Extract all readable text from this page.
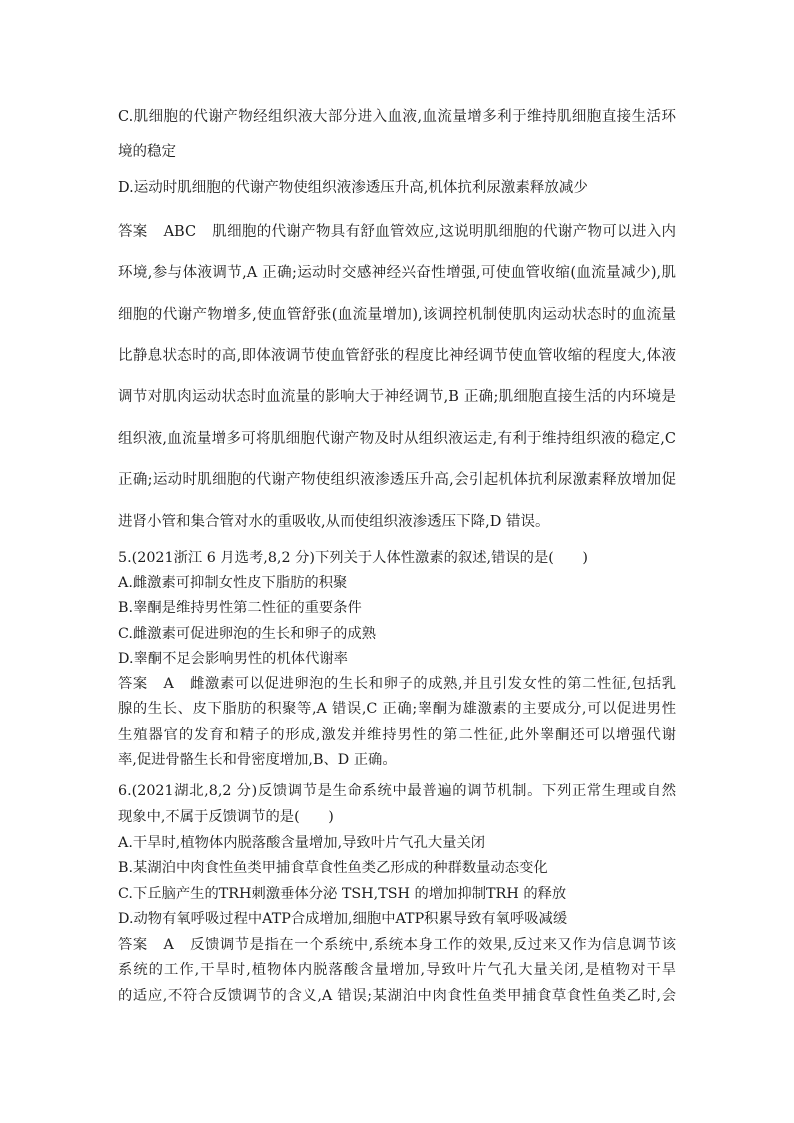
C.肌细胞的代谢产物经组织液大部分进入血液,血流量增多利于维持肌细胞直接生活环
境的稳定
D.运动时肌细胞的代谢产物使组织液渗透压升高,机体抗利尿激素释放减少
答案 ABC 肌细胞的代谢产物具有舒血管效应,这说明肌细胞的代谢产物可以进入内
环境,参与体液调节,A 正确;运动时交感神经兴奋性增强,可使血管收缩(血流量减少),肌
细胞的代谢产物增多,使血管舒张(血流量增加),该调控机制使肌肉运动状态时的血流量
比静息状态时的高,即体液调节使血管舒张的程度比神经调节使血管收缩的程度大,体液
调节对肌肉运动状态时血流量的影响大于神经调节,B 正确;肌细胞直接生活的内环境是
组织液,血流量增多可将肌细胞代谢产物及时从组织液运走,有利于维持组织液的稳定,C
正确;运动时肌细胞的代谢产物使组织液渗透压升高,会引起机体抗利尿激素释放增加促
进肾小管和集合管对水的重吸收,从而使组织液渗透压下降,D 错误。
5.(2021浙江 6 月选考,8,2 分)下列关于人体性激素的叙述,错误的是(　　)
A.雌激素可抑制女性皮下脂肪的积聚
B.睾酮是维持男性第二性征的重要条件
C.雌激素可促进卵泡的生长和卵子的成熟
D.睾酮不足会影响男性的机体代谢率
答案 A 雌激素可以促进卵泡的生长和卵子的成熟,并且引发女性的第二性征,包括乳
腺的生长、皮下脂肪的积聚等,A 错误,C 正确;睾酮为雄激素的主要成分,可以促进男性
生殖器官的发育和精子的形成,激发并维持男性的第二性征,此外睾酮还可以增强代谢
率,促进骨骼生长和骨密度增加,B、D 正确。
6.(2021湖北,8,2 分)反馈调节是生命系统中最普遍的调节机制。下列正常生理或自然
现象中,不属于反馈调节的是(　　)
A.干旱时,植物体内脱落酸含量增加,导致叶片气孔大量关闭
B.某湖泊中肉食性鱼类甲捕食草食性鱼类乙形成的种群数量动态变化
C.下丘脑产生的TRH刺激垂体分泌 TSH,TSH 的增加抑制TRH 的释放
D.动物有氧呼吸过程中ATP合成增加,细胞中ATP积累导致有氧呼吸减缓
答案 A 反馈调节是指在一个系统中,系统本身工作的效果,反过来又作为信息调节该
系统的工作,干旱时,植物体内脱落酸含量增加,导致叶片气孔大量关闭,是植物对干旱
的适应,不符合反馈调节的含义,A 错误;某湖泊中肉食性鱼类甲捕食草食性鱼类乙时,会
